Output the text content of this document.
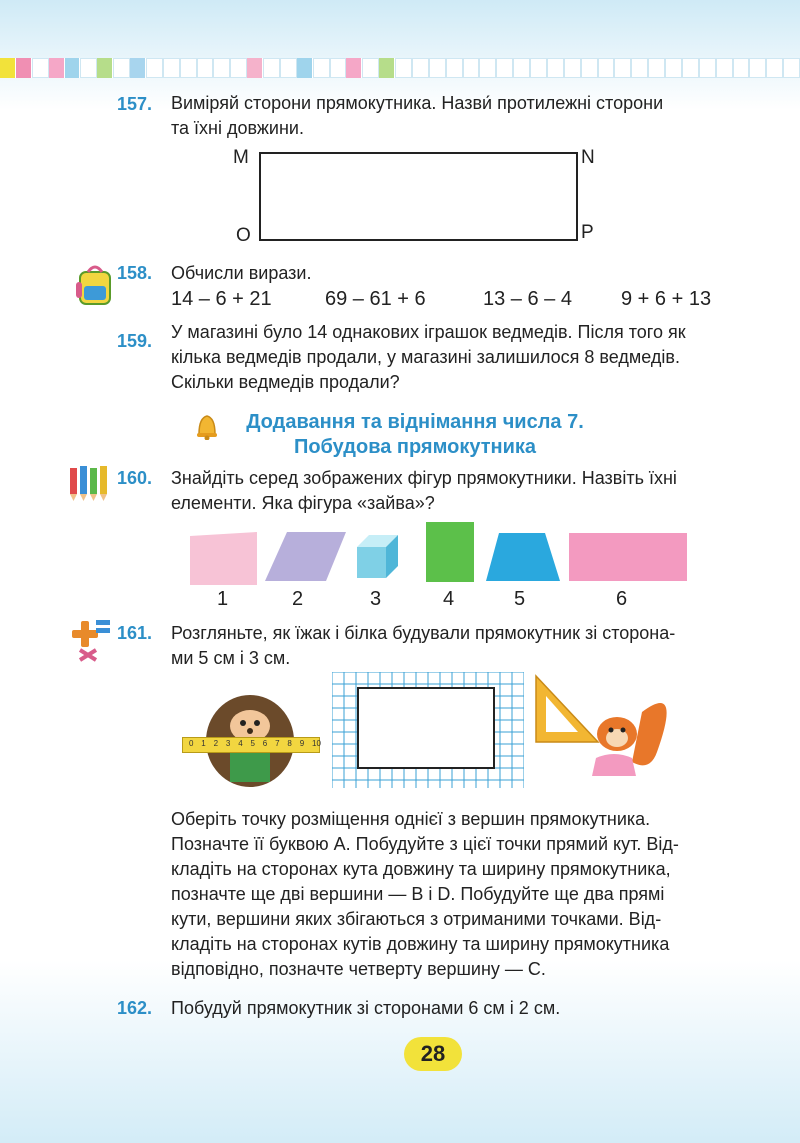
157. Виміряй сторони прямокутника. Назви́ протилежні сторони
та їхні довжини.
M	N
O	P
158. Обчисли вирази.
14 – 6 + 21	69 – 61 + 6	13 – 6 – 4 9 + 6 + 13
159. У магазині було 14 однакових іграшок ведмедів. Після того як
кілька ведмедів продали, у магазині залишилося 8 ведмедів.
Скільки ведмедів продали?
Додавання та віднімання числа 7.
Побудова прямокутника
160. Знайдіть серед зображених фігур прямокутники. Назвіть їхні
елементи. Яка фігура «зайва»?
1	2	3	4	5	6
161. Розгляньте, як їжак і білка будували прямокутник зі сторона-
ми 5 см і 3 см.
0 1 2 3 4 5 6 7 8 9 10
Оберіть точку розміщення однієї з вершин прямокутника.
Позначте її буквою А. Побудуйте з цієї точки прямий кут. Від-
кладіть на сторонах кута довжину та ширину прямокутника,
позначте ще дві вершини — В і D. Побудуйте ще два прямі
кути, вершини яких збігаються з отриманими точками. Від-
кладіть на сторонах кутів довжину та ширину прямокутника
відповідно, позначте четверту вершину — С.
162. Побудуй прямокутник зі сторонами 6 см і 2 см.
28
